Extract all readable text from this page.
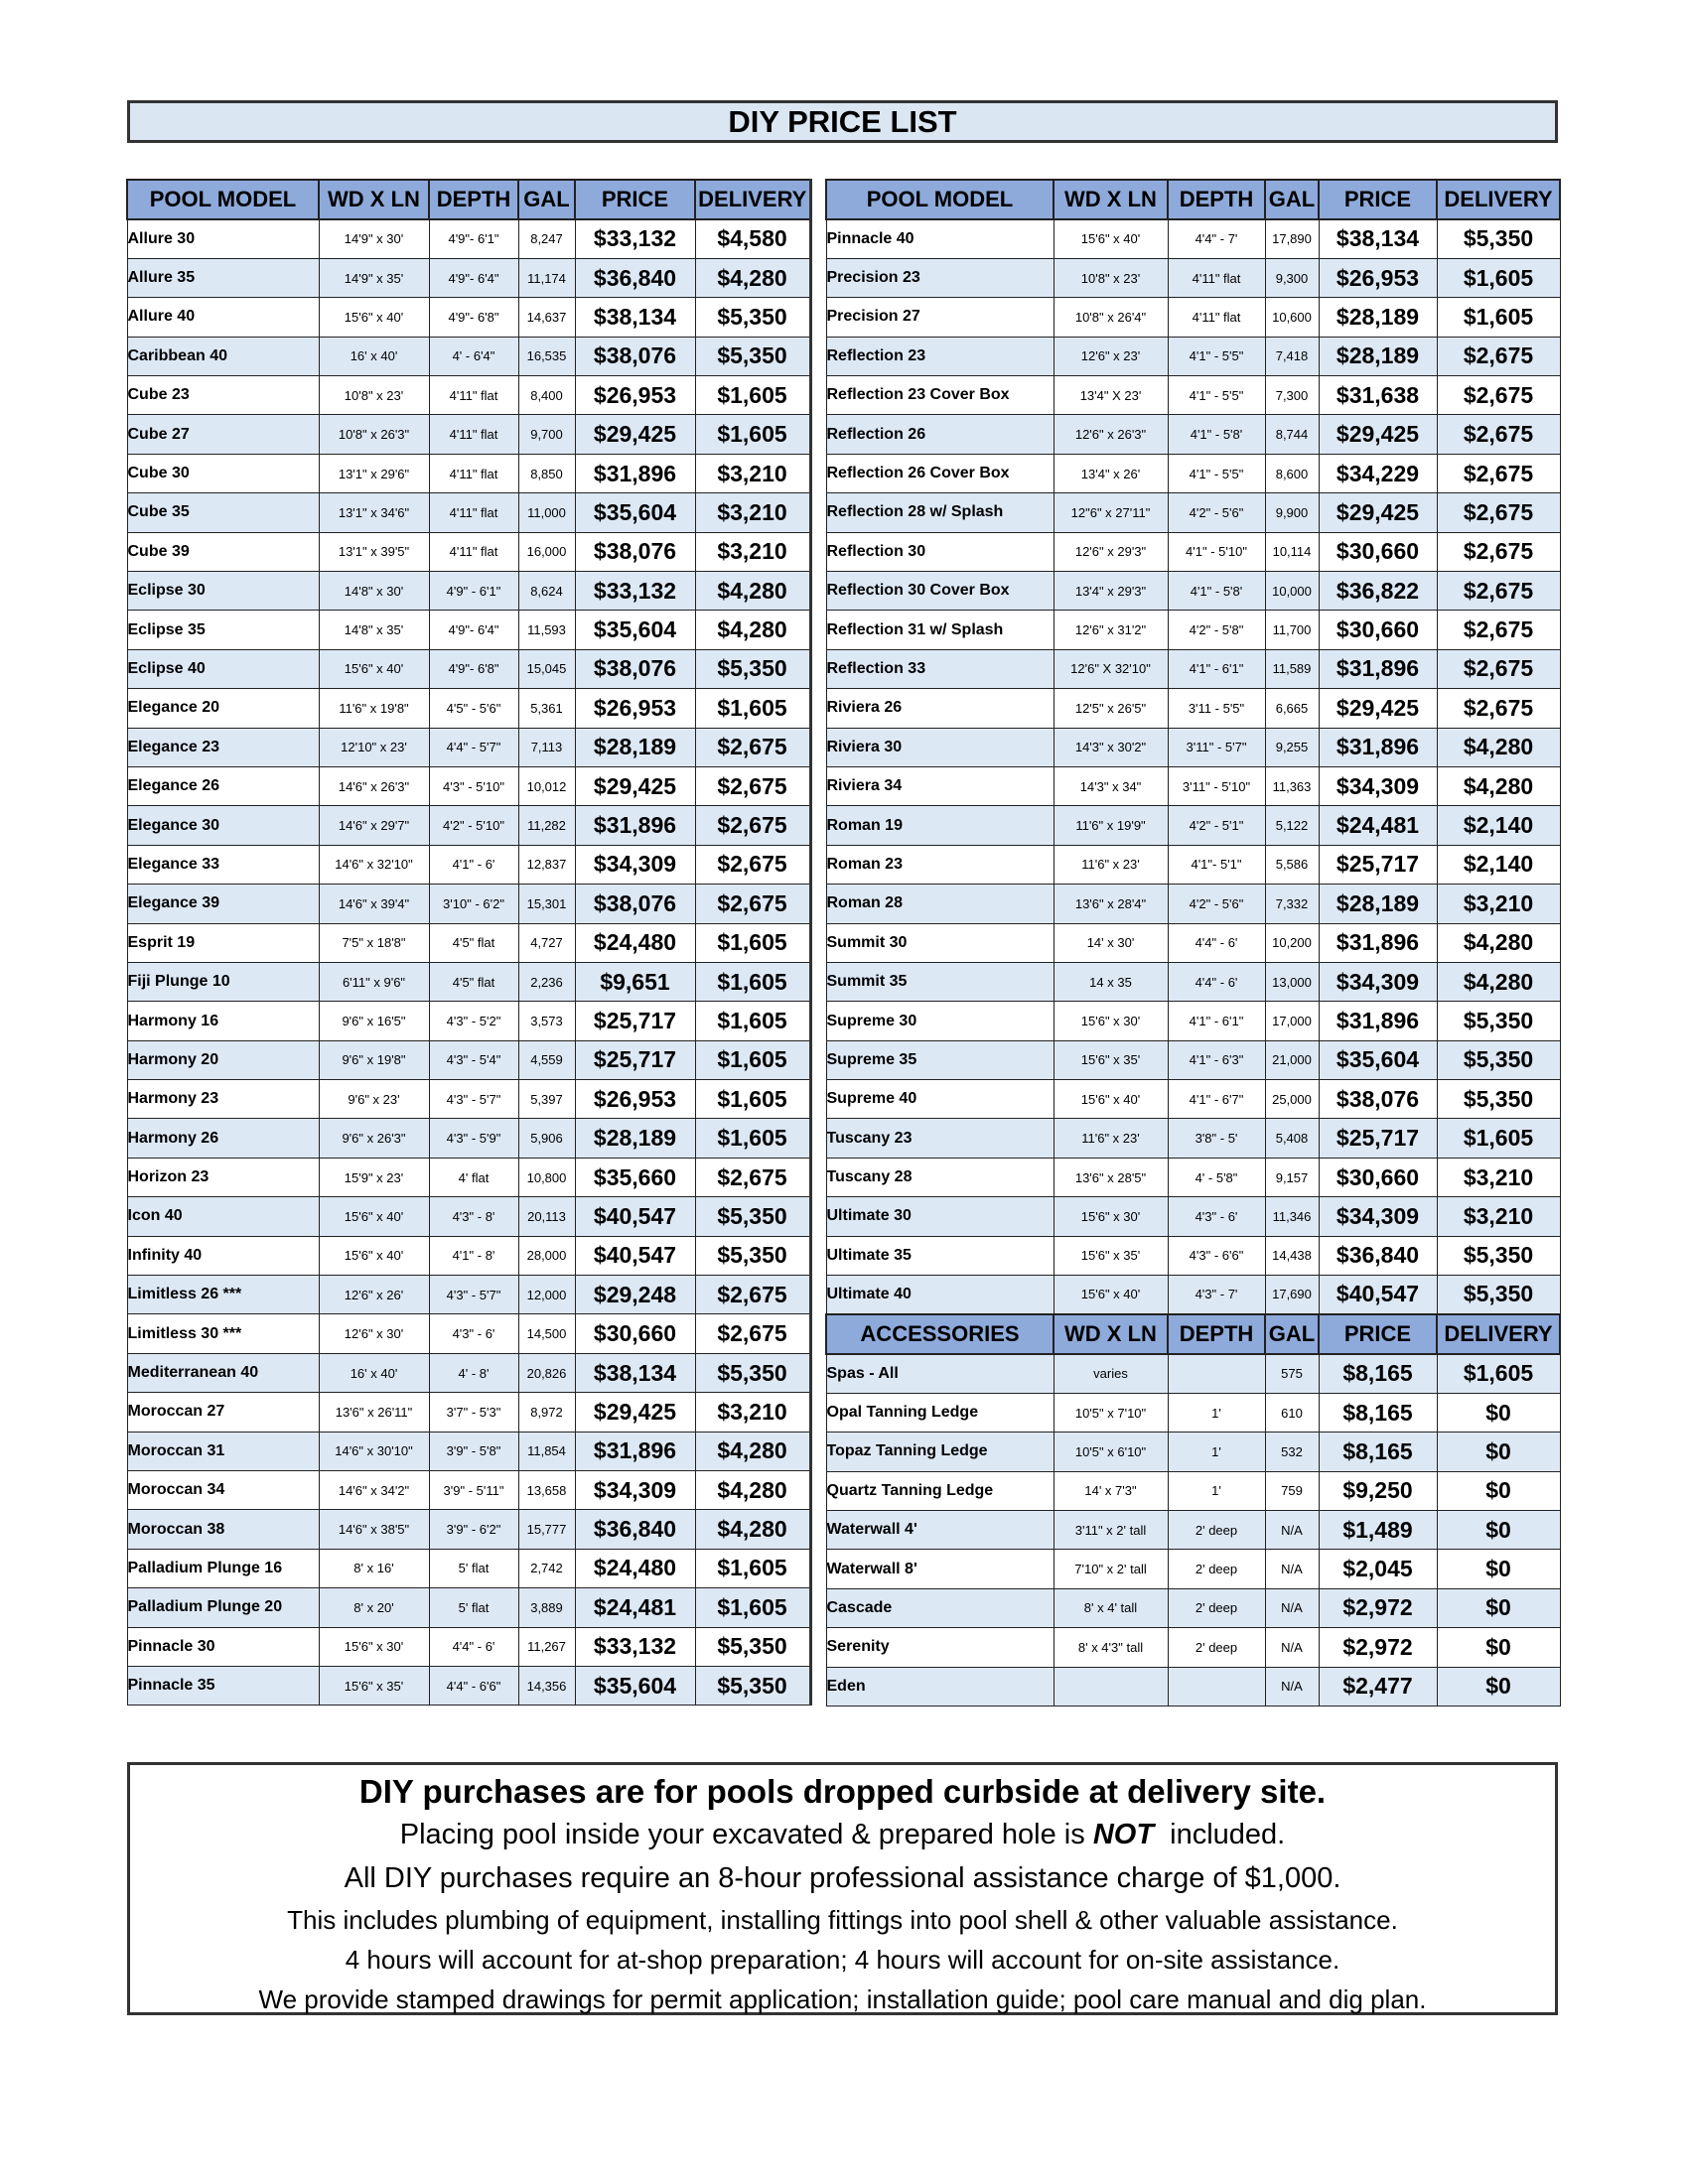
DIY PRICE LIST
POOL MODEL	WD X LN	DEPTH	GAL	PRICE	DELIVERY
Allure 30	14'9" x 30'	4'9"- 6'1"	8,247	$33,132	$4,580
Allure 35	14'9" x 35'	4'9"- 6'4"	11,174	$36,840	$4,280
Allure 40	15'6" x 40'	4'9"- 6'8"	14,637	$38,134	$5,350
Caribbean 40	16' x 40'	4' - 6'4"	16,535	$38,076	$5,350
Cube 23	10'8" x 23'	4'11" flat	8,400	$26,953	$1,605
Cube 27	10'8" x 26'3"	4'11" flat	9,700	$29,425	$1,605
Cube 30	13'1" x 29'6"	4'11" flat	8,850	$31,896	$3,210
Cube 35	13'1" x 34'6"	4'11" flat	11,000	$35,604	$3,210
Cube 39	13'1" x 39'5"	4'11" flat	16,000	$38,076	$3,210
Eclipse 30	14'8" x 30'	4'9" - 6'1"	8,624	$33,132	$4,280
Eclipse 35	14'8" x 35'	4'9"- 6'4"	11,593	$35,604	$4,280
Eclipse 40	15'6" x 40'	4'9"- 6'8"	15,045	$38,076	$5,350
Elegance 20	11'6" x 19'8"	4'5" - 5'6"	5,361	$26,953	$1,605
Elegance 23	12'10" x 23'	4'4" - 5'7"	7,113	$28,189	$2,675
Elegance 26	14'6" x 26'3"	4'3" - 5'10"	10,012	$29,425	$2,675
Elegance 30	14'6" x 29'7"	4'2" - 5'10"	11,282	$31,896	$2,675
Elegance 33	14'6" x 32'10"	4'1" - 6'	12,837	$34,309	$2,675
Elegance 39	14'6" x 39'4"	3'10" - 6'2"	15,301	$38,076	$2,675
Esprit 19	7'5" x 18'8"	4'5" flat	4,727	$24,480	$1,605
Fiji Plunge 10	6'11" x 9'6"	4'5" flat	2,236	$9,651	$1,605
Harmony 16	9'6" x 16'5"	4'3" - 5'2"	3,573	$25,717	$1,605
Harmony 20	9'6" x 19'8"	4'3" - 5'4"	4,559	$25,717	$1,605
Harmony 23	9'6" x 23'	4'3" - 5'7"	5,397	$26,953	$1,605
Harmony 26	9'6" x 26'3"	4'3" - 5'9"	5,906	$28,189	$1,605
Horizon 23	15'9" x 23'	4' flat	10,800	$35,660	$2,675
Icon 40	15'6" x 40'	4'3" - 8'	20,113	$40,547	$5,350
Infinity 40	15'6" x 40'	4'1" - 8'	28,000	$40,547	$5,350
Limitless 26 ***	12'6" x 26'	4'3" - 5'7"	12,000	$29,248	$2,675
Limitless 30 ***	12'6" x 30'	4'3" - 6'	14,500	$30,660	$2,675
Mediterranean 40	16' x 40'	4' - 8'	20,826	$38,134	$5,350
Moroccan 27	13'6" x 26'11"	3'7" - 5'3"	8,972	$29,425	$3,210
Moroccan 31	14'6" x 30'10"	3'9" - 5'8"	11,854	$31,896	$4,280
Moroccan 34	14'6" x 34'2"	3'9" - 5'11"	13,658	$34,309	$4,280
Moroccan 38	14'6" x 38'5"	3'9" - 6'2"	15,777	$36,840	$4,280
Palladium Plunge 16	8' x 16'	5' flat	2,742	$24,480	$1,605
Palladium Plunge 20	8' x 20'	5' flat	3,889	$24,481	$1,605
Pinnacle 30	15'6" x 30'	4'4" - 6'	11,267	$33,132	$5,350
Pinnacle 35	15'6" x 35'	4'4" - 6'6"	14,356	$35,604	$5,350
POOL MODEL	WD X LN	DEPTH	GAL	PRICE	DELIVERY
Pinnacle 40	15'6" x 40'	4'4" - 7'	17,890	$38,134	$5,350
Precision 23	10'8" x 23'	4'11" flat	9,300	$26,953	$1,605
Precision 27	10'8" x 26'4"	4'11" flat	10,600	$28,189	$1,605
Reflection 23	12'6" x 23'	4'1" - 5'5"	7,418	$28,189	$2,675
Reflection 23 Cover Box	13'4" X 23'	4'1" - 5'5"	7,300	$31,638	$2,675
Reflection 26	12'6" x 26'3"	4'1" - 5'8'	8,744	$29,425	$2,675
Reflection 26 Cover Box	13'4" x 26'	4'1" - 5'5"	8,600	$34,229	$2,675
Reflection 28 w/ Splash	12"6" x 27'11"	4'2" - 5'6"	9,900	$29,425	$2,675
Reflection 30	12'6" x 29'3"	4'1" - 5'10"	10,114	$30,660	$2,675
Reflection 30 Cover Box	13'4" x 29'3"	4'1" - 5'8'	10,000	$36,822	$2,675
Reflection 31 w/ Splash	12'6" x 31'2"	4'2" - 5'8"	11,700	$30,660	$2,675
Reflection 33	12'6" X 32'10"	4'1" - 6'1"	11,589	$31,896	$2,675
Riviera 26	12'5" x 26'5"	3'11 - 5'5"	6,665	$29,425	$2,675
Riviera 30	14'3" x 30'2"	3'11" - 5'7"	9,255	$31,896	$4,280
Riviera 34	14'3" x 34"	3'11" - 5'10"	11,363	$34,309	$4,280
Roman 19	11'6" x 19'9"	4'2" - 5'1"	5,122	$24,481	$2,140
Roman 23	11'6" x 23'	4'1"- 5'1"	5,586	$25,717	$2,140
Roman 28	13'6" x 28'4"	4'2" - 5'6"	7,332	$28,189	$3,210
Summit 30	14' x 30'	4'4" - 6'	10,200	$31,896	$4,280
Summit 35	14 x 35	4'4" - 6'	13,000	$34,309	$4,280
Supreme 30	15'6" x 30'	4'1" - 6'1"	17,000	$31,896	$5,350
Supreme 35	15'6" x 35'	4'1" - 6'3"	21,000	$35,604	$5,350
Supreme 40	15'6" x 40'	4'1" - 6'7"	25,000	$38,076	$5,350
Tuscany 23	11'6" x 23'	3'8" - 5'	5,408	$25,717	$1,605
Tuscany 28	13'6" x 28'5"	4' - 5'8"	9,157	$30,660	$3,210
Ultimate 30	15'6" x 30'	4'3" - 6'	11,346	$34,309	$3,210
Ultimate 35	15'6" x 35'	4'3" - 6'6"	14,438	$36,840	$5,350
Ultimate 40	15'6" x 40'	4'3" - 7'	17,690	$40,547	$5,350
ACCESSORIES	WD X LN	DEPTH	GAL	PRICE	DELIVERY
Spas - All	varies		575	$8,165	$1,605
Opal Tanning Ledge	10'5" x 7'10"	1'	610	$8,165	$0
Topaz Tanning Ledge	10'5" x 6'10"	1'	532	$8,165	$0
Quartz Tanning Ledge	14' x 7'3"	1'	759	$9,250	$0
Waterwall 4'	3'11" x 2' tall	2' deep	N/A	$1,489	$0
Waterwall 8'	7'10" x 2' tall	2' deep	N/A	$2,045	$0
Cascade	8' x 4' tall	2' deep	N/A	$2,972	$0
Serenity	8' x 4'3" tall	2' deep	N/A	$2,972	$0
Eden			N/A	$2,477	$0
DIY purchases are for pools dropped curbside at delivery site.
Placing pool inside your excavated & prepared hole is NOT  included.
All DIY purchases require an 8-hour professional assistance charge of $1,000.
This includes plumbing of equipment, installing fittings into pool shell & other valuable assistance.
4 hours will account for at-shop preparation; 4 hours will account for on-site assistance.
We provide stamped drawings for permit application; installation guide; pool care manual and dig plan.
